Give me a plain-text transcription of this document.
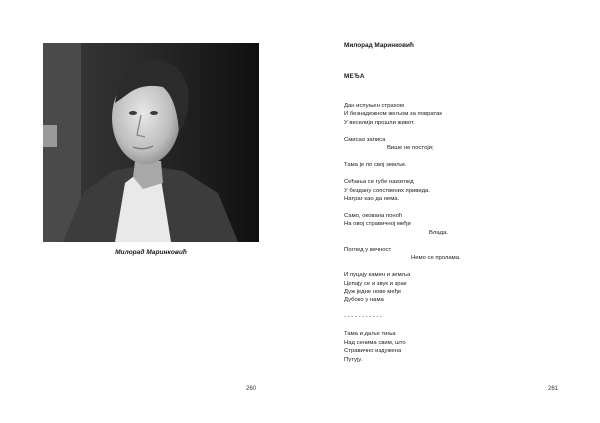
Милорад Маринковић
260
Милорад Маринковић
МЕЂА
Дан испуњен страхом
И безнадежном жељом за повратак
У веселији прошли живот.
Смисао записа
Више не постоји;
Тама је по свој земљи.
Сећања се губе наизглед
У бездану сопствених привида.
Натраг као да нема.
Само, окована поноћ
На овој стравичној међи
Влада.
Поглед у вечност
Немо се пролама.
И пуцају камен и земља
Цепају се и звук и зрак
Дуж једне нове међе
Дубоко у нама
- - - - - - - - - - -
Тама и даље тиња
Над сенима свим, што
Стравично издужена
Путују.
261
